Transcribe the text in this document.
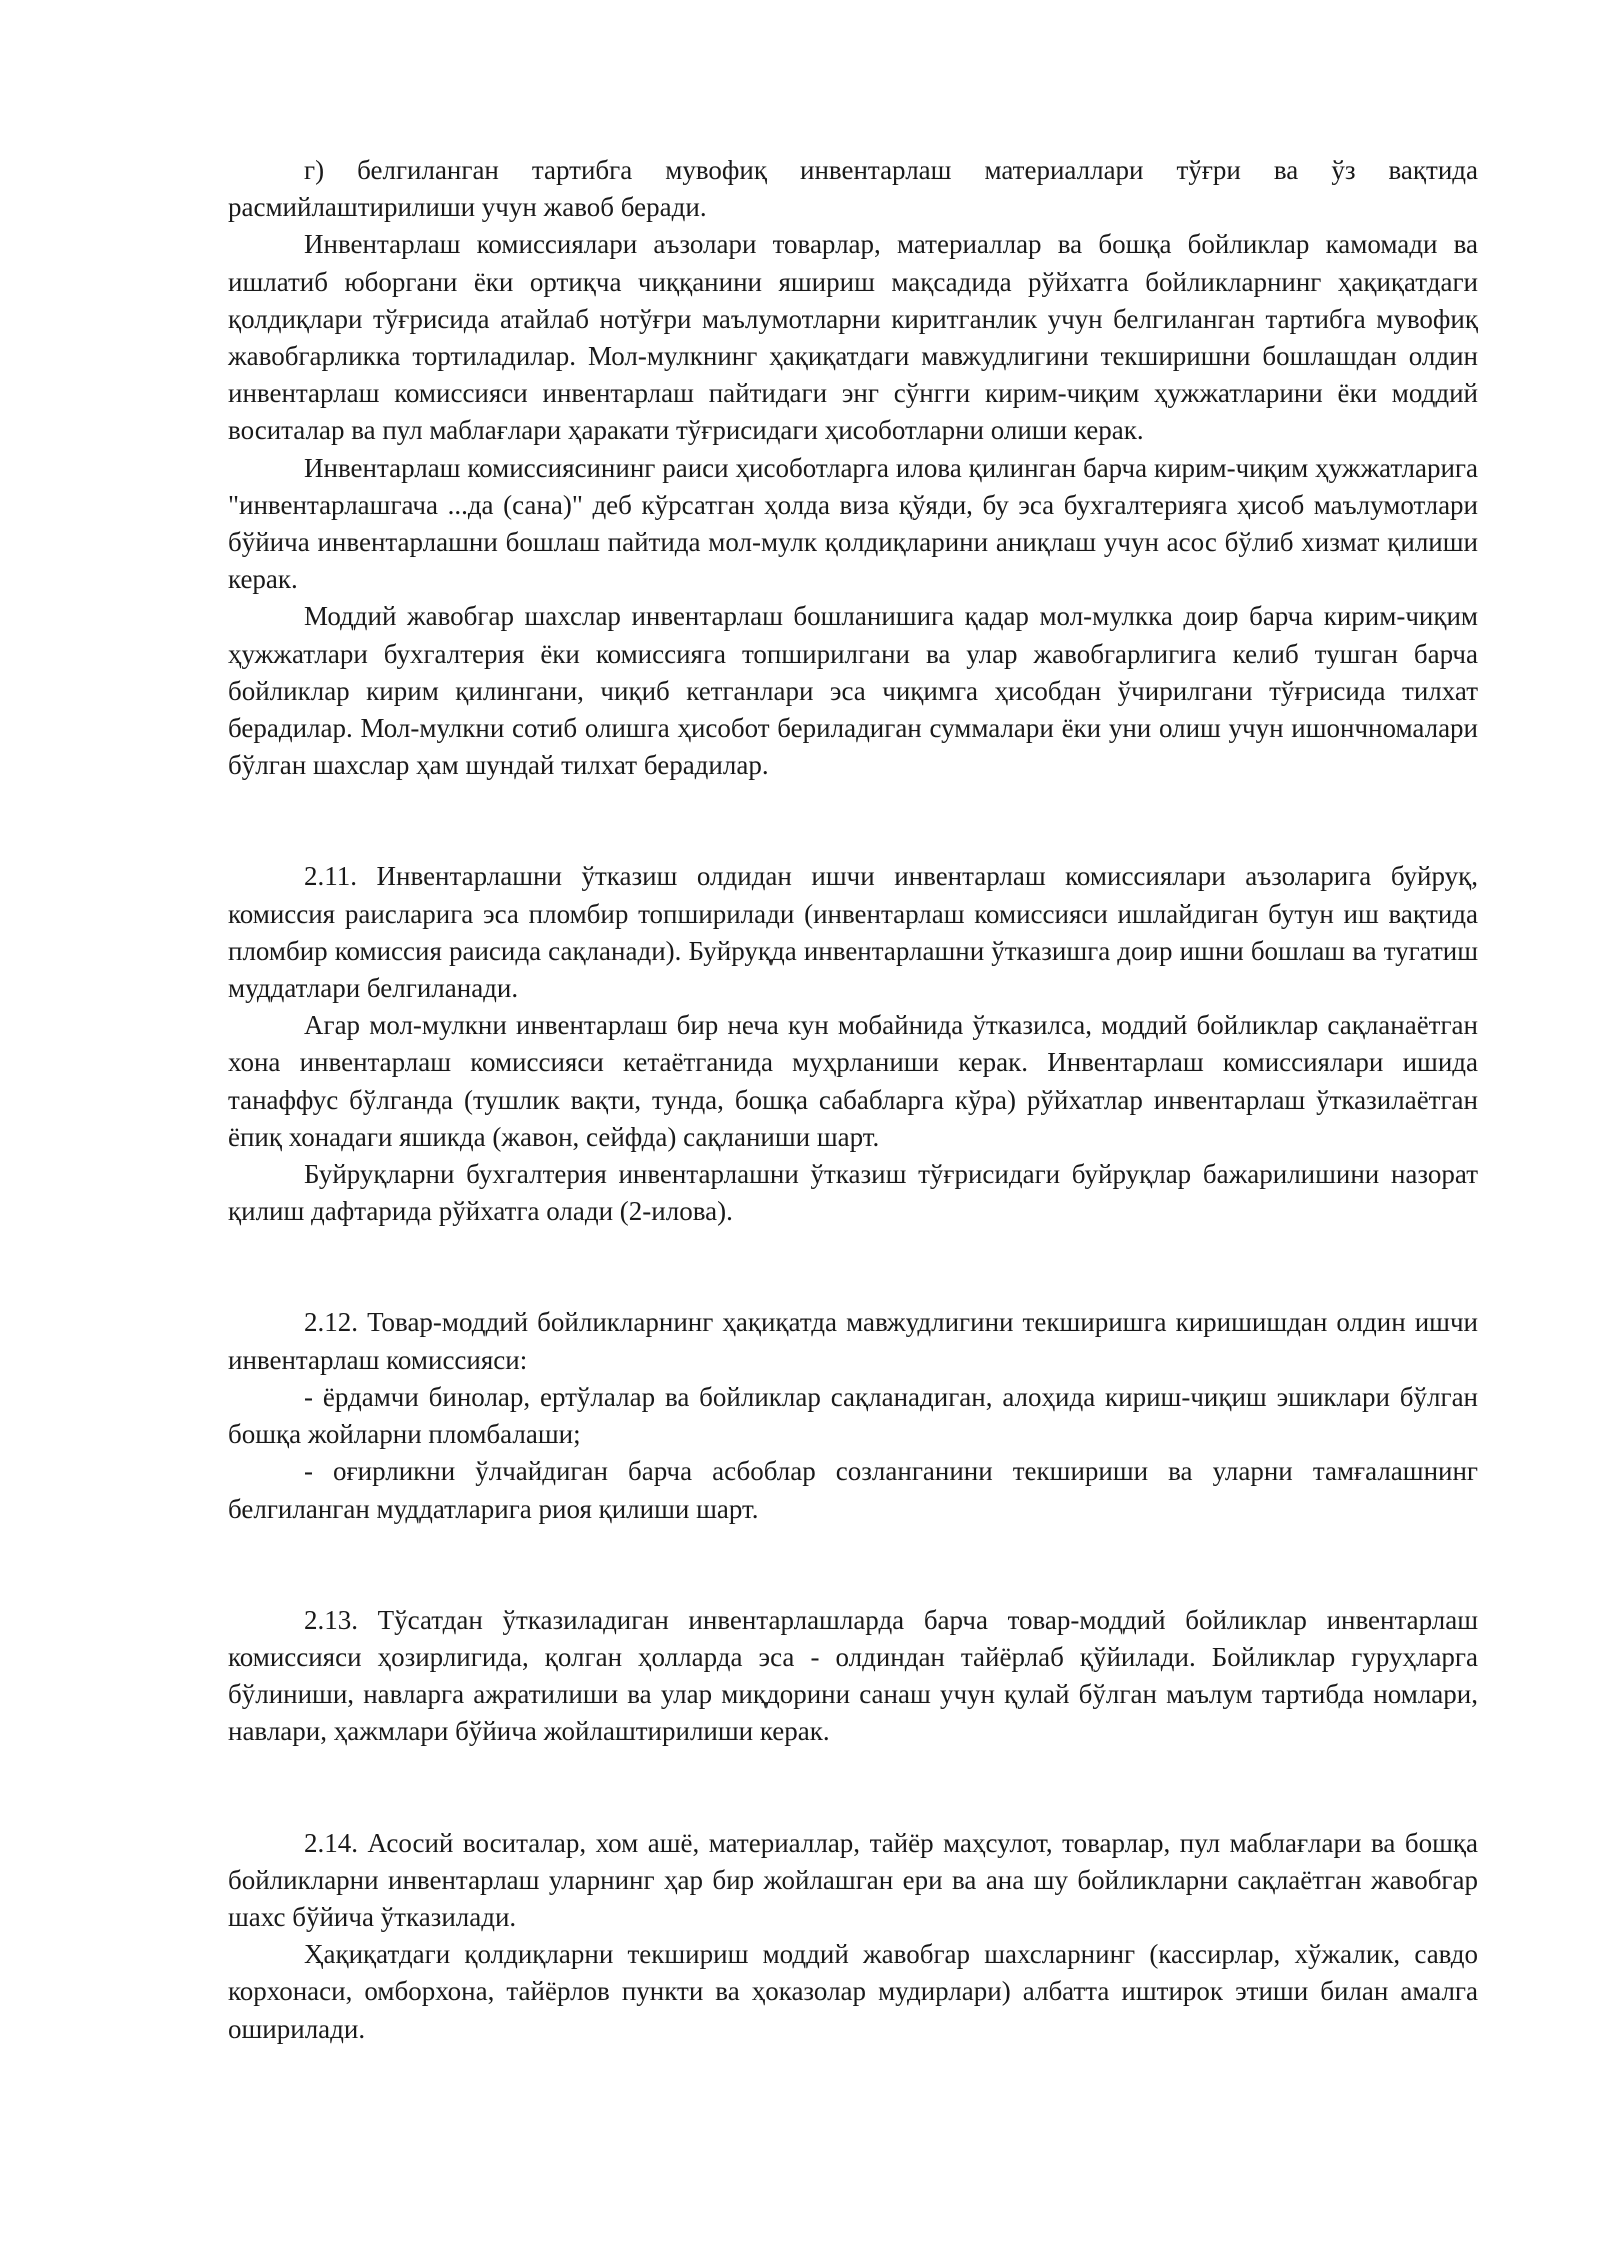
г) белгиланган тартибга мувофиқ инвентарлаш материаллари тўғри ва ўз вақтида расмийлаштирилиши учун жавоб беради.

Инвентарлаш комиссиялари аъзолари товарлар, материаллар ва бошқа бойликлар камомади ва ишлатиб юборгани ёки ортиқча чиққанини яшириш мақсадида рўйхатга бойликларнинг ҳақиқатдаги қолдиқлари тўғрисида атайлаб нотўғри маълумотларни киритганлик учун белгиланган тартибга мувофиқ жавобгарликка тортиладилар. Мол-мулкнинг ҳақиқатдаги мавжудлигини текширишни бошлашдан олдин инвентарлаш комиссияси инвентарлаш пайтидаги энг сўнгги кирим-чиқим ҳужжатларини ёки моддий воситалар ва пул маблағлари ҳаракати тўғрисидаги ҳисоботларни олиши керак.

Инвентарлаш комиссиясининг раиси ҳисоботларга илова қилинган барча кирим-чиқим ҳужжатларига "инвентарлашгача ...да (сана)" деб кўрсатган ҳолда виза қўяди, бу эса бухгалтерияга ҳисоб маълумотлари бўйича инвентарлашни бошлаш пайтида мол-мулк қолдиқларини аниқлаш учун асос бўлиб хизмат қилиши керак.

Моддий жавобгар шахслар инвентарлаш бошланишига қадар мол-мулкка доир барча кирим-чиқим ҳужжатлари бухгалтерия ёки комиссияга топширилгани ва улар жавобгарлигига келиб тушган барча бойликлар кирим қилингани, чиқиб кетганлари эса чиқимга ҳисобдан ўчирилгани тўғрисида тилхат берадилар. Мол-мулкни сотиб олишга ҳисобот бериладиган суммалари ёки уни олиш учун ишончномалари бўлган шахслар ҳам шундай тилхат берадилар.

2.11. Инвентарлашни ўтказиш олдидан ишчи инвентарлаш комиссиялари аъзоларига буйруқ, комиссия раисларига эса пломбир топширилади (инвентарлаш комиссияси ишлайдиган бутун иш вақтида пломбир комиссия раисида сақланади). Буйруқда инвентарлашни ўтказишга доир ишни бошлаш ва тугатиш муддатлари белгиланади.

Агар мол-мулкни инвентарлаш бир неча кун мобайнида ўтказилса, моддий бойликлар сақланаётган хона инвентарлаш комиссияси кетаётганида муҳрланиши керак. Инвентарлаш комиссиялари ишида танаффус бўлганда (тушлик вақти, тунда, бошқа сабабларга кўра) рўйхатлар инвентарлаш ўтказилаётган ёпиқ хонадаги яшикда (жавон, сейфда) сақланиши шарт.

Буйруқларни бухгалтерия инвентарлашни ўтказиш тўғрисидаги буйруқлар бажарилишини назорат қилиш дафтарида рўйхатга олади (2-илова).

2.12. Товар-моддий бойликларнинг ҳақиқатда мавжудлигини текширишга киришишдан олдин ишчи инвентарлаш комиссияси:

- ёрдамчи бинолар, ертўлалар ва бойликлар сақланадиган, алоҳида кириш-чиқиш эшиклари бўлган бошқа жойларни пломбалаши;

- оғирликни ўлчайдиган барча асбоблар созланганини текшириши ва уларни тамғалашнинг белгиланган муддатларига риоя қилиши шарт.

2.13. Тўсатдан ўтказиладиган инвентарлашларда барча товар-моддий бойликлар инвентарлаш комиссияси ҳозирлигида, қолган ҳолларда эса - олдиндан тайёрлаб қўйилади. Бойликлар гуруҳларга бўлиниши, навларга ажратилиши ва улар миқдорини санаш учун қулай бўлган маълум тартибда номлари, навлари, ҳажмлари бўйича жойлаштирилиши керак.

2.14. Асосий воситалар, хом ашё, материаллар, тайёр маҳсулот, товарлар, пул маблағлари ва бошқа бойликларни инвентарлаш уларнинг ҳар бир жойлашган ери ва ана шу бойликларни сақлаётган жавобгар шахс бўйича ўтказилади.

Ҳақиқатдаги қолдиқларни текшириш моддий жавобгар шахсларнинг (кассирлар, хўжалик, савдо корхонаси, омборхона, тайёрлов пункти ва ҳоказолар мудирлари) албатта иштирок этиши билан амалга оширилади.
